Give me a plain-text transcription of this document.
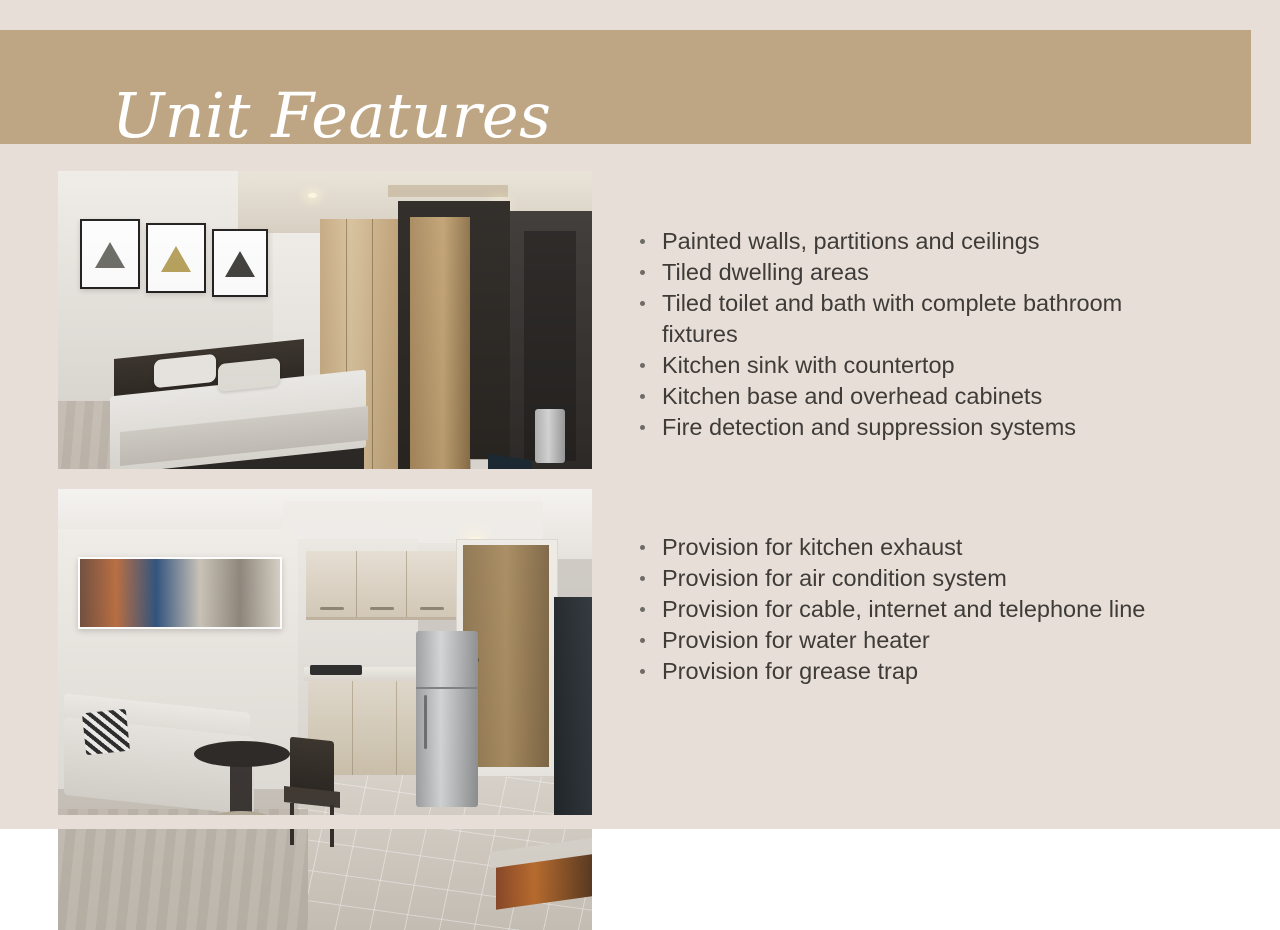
Unit Features
Painted walls, partitions and ceilings
Tiled dwelling areas
Tiled toilet and bath with complete bathroom fixtures
Kitchen sink with countertop
Kitchen base and overhead cabinets
Fire detection and suppression systems
Provision for kitchen exhaust
Provision for air condition system
Provision for cable, internet and telephone line
Provision for water heater
Provision for grease trap
